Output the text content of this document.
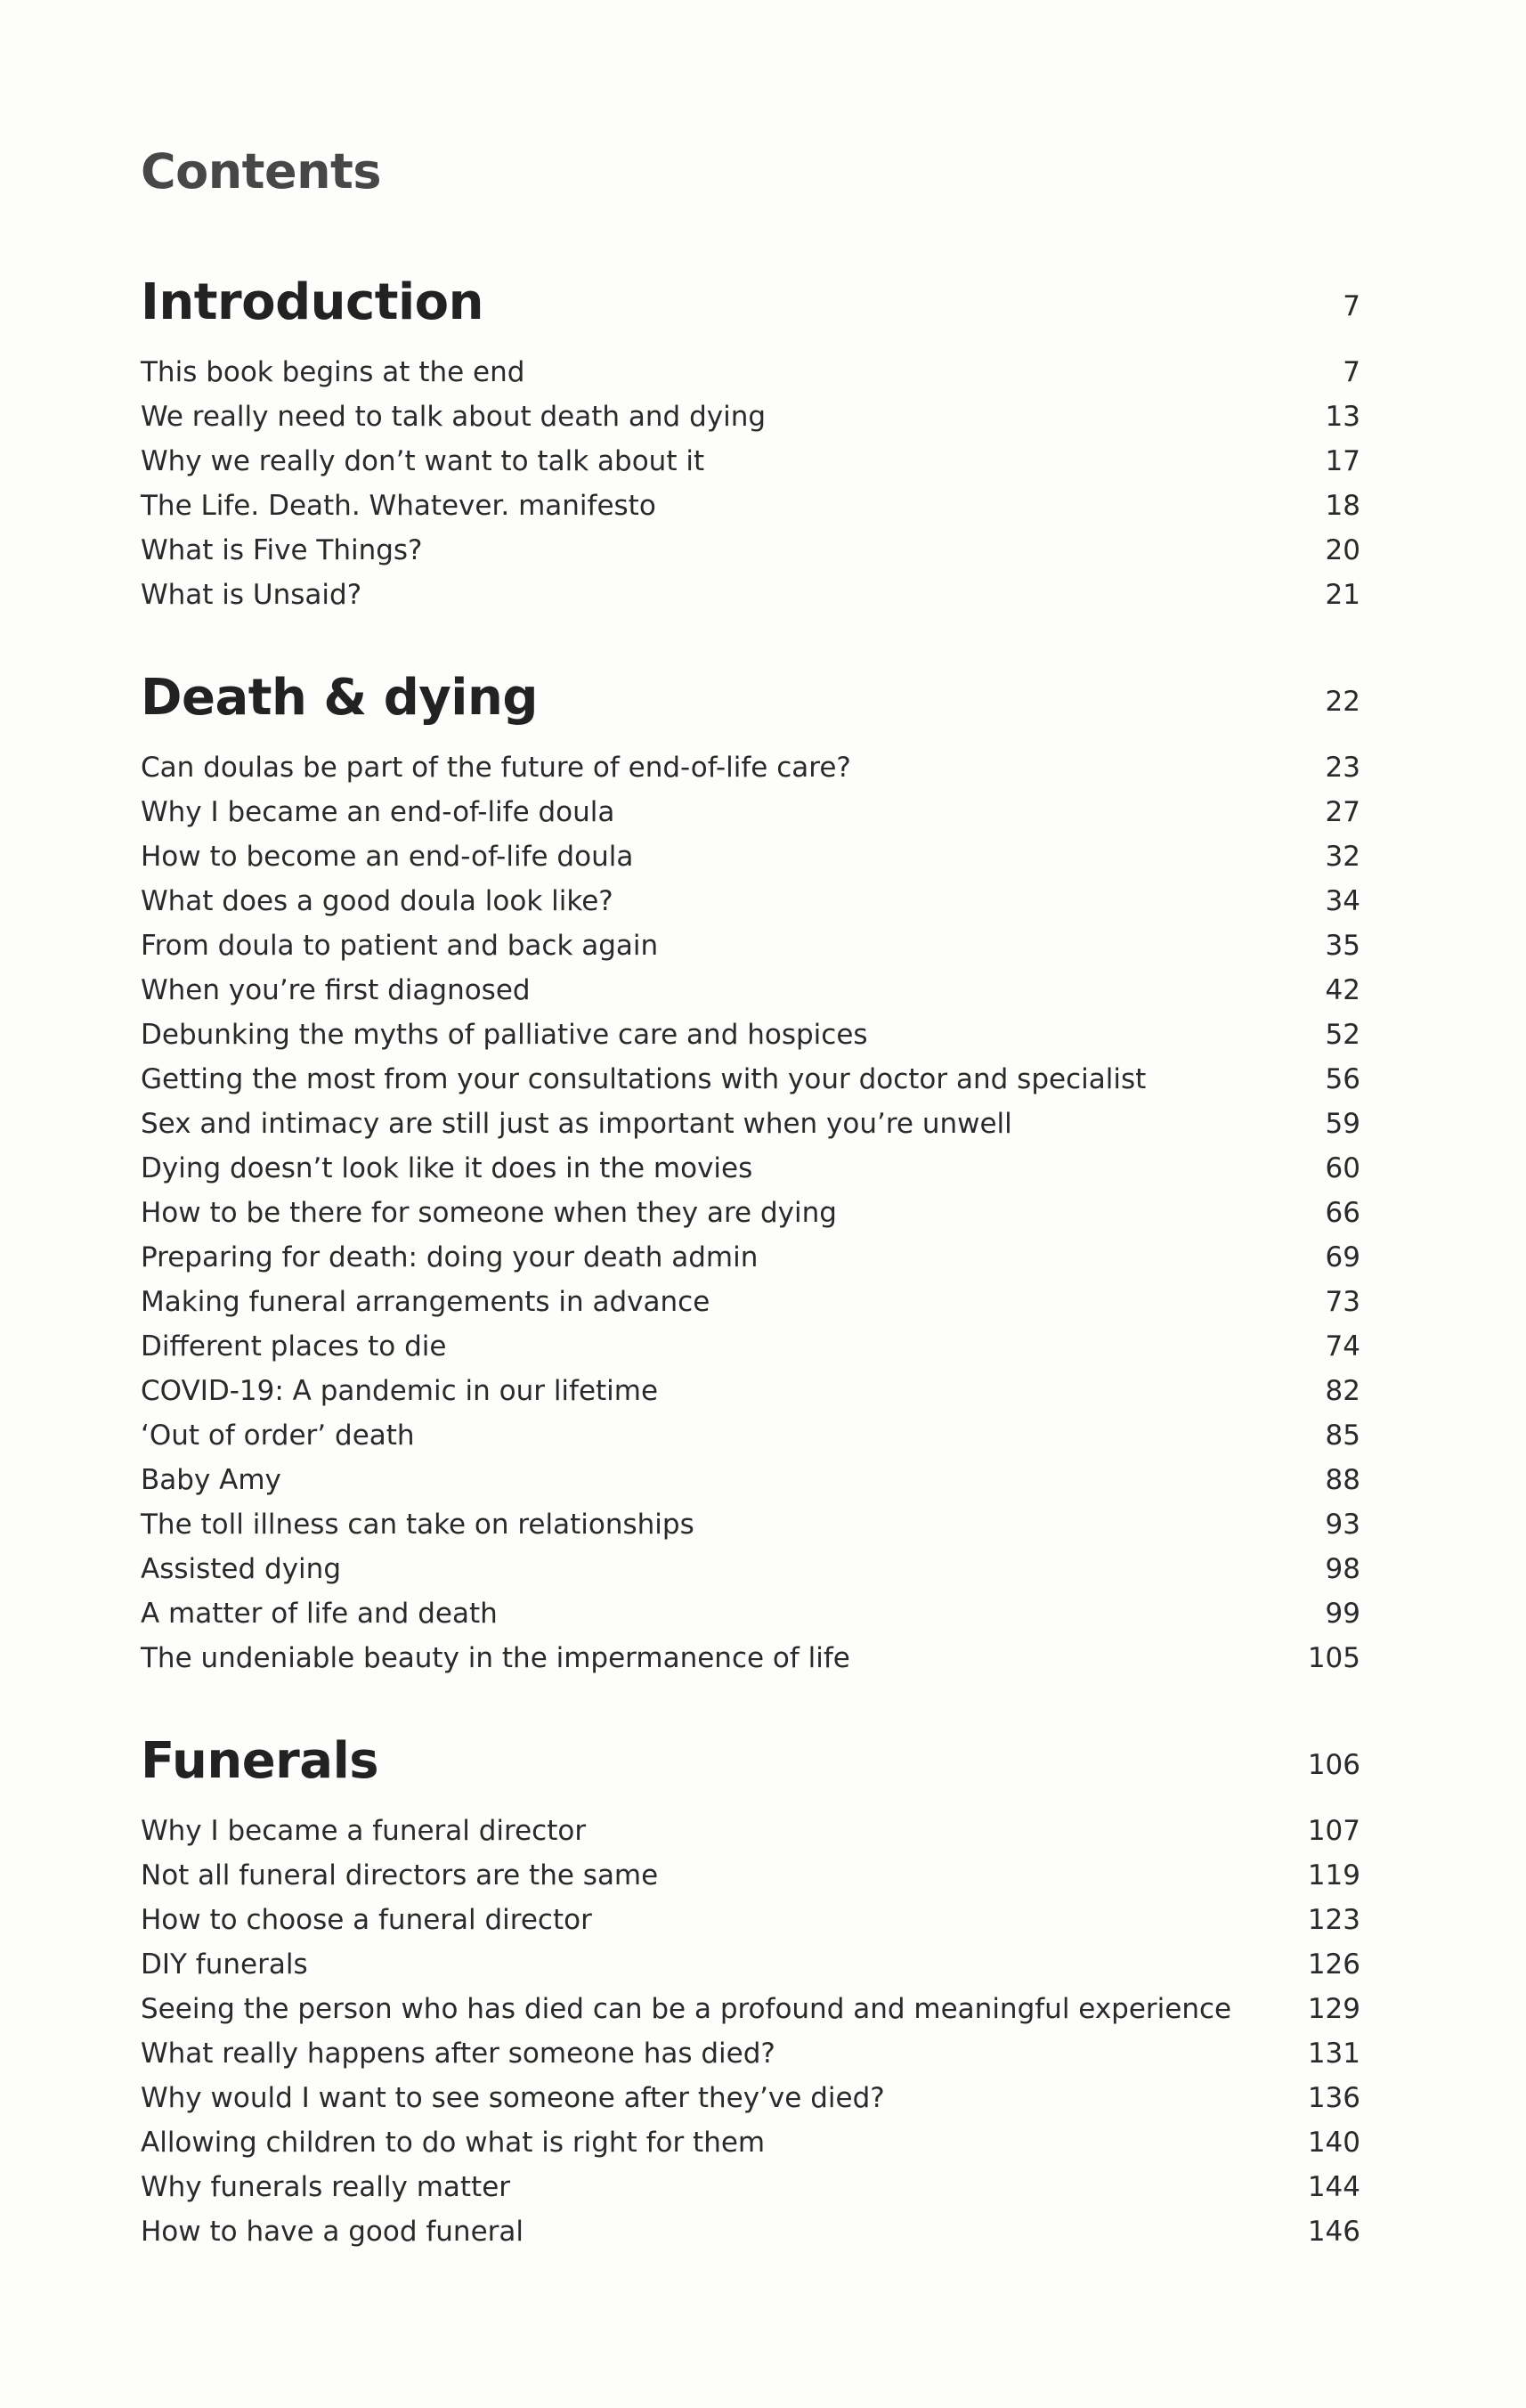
Contents
Introduction	7
This book begins at the end	7
We really need to talk about death and dying	13
Why we really don’t want to talk about it	17
The Life. Death. Whatever. manifesto	18
What is Five Things?	20
What is Unsaid?	21
Death & dying	22
Can doulas be part of the future of end-of-life care?	23
Why I became an end-of-life doula	27
How to become an end-of-life doula	32
What does a good doula look like?	34
From doula to patient and back again	35
When you’re first diagnosed	42
Debunking the myths of palliative care and hospices	52
Getting the most from your consultations with your doctor and specialist	56
Sex and intimacy are still just as important when you’re unwell	59
Dying doesn’t look like it does in the movies	60
How to be there for someone when they are dying	66
Preparing for death: doing your death admin	69
Making funeral arrangements in advance	73
Different places to die	74
COVID-19: A pandemic in our lifetime	82
‘Out of order’ death	85
Baby Amy	88
The toll illness can take on relationships	93
Assisted dying	98
A matter of life and death	99
The undeniable beauty in the impermanence of life	105
Funerals	106
Why I became a funeral director	107
Not all funeral directors are the same	119
How to choose a funeral director	123
DIY funerals	126
Seeing the person who has died can be a profound and meaningful experience	129
What really happens after someone has died?	131
Why would I want to see someone after they’ve died?	136
Allowing children to do what is right for them	140
Why funerals really matter	144
How to have a good funeral	146
